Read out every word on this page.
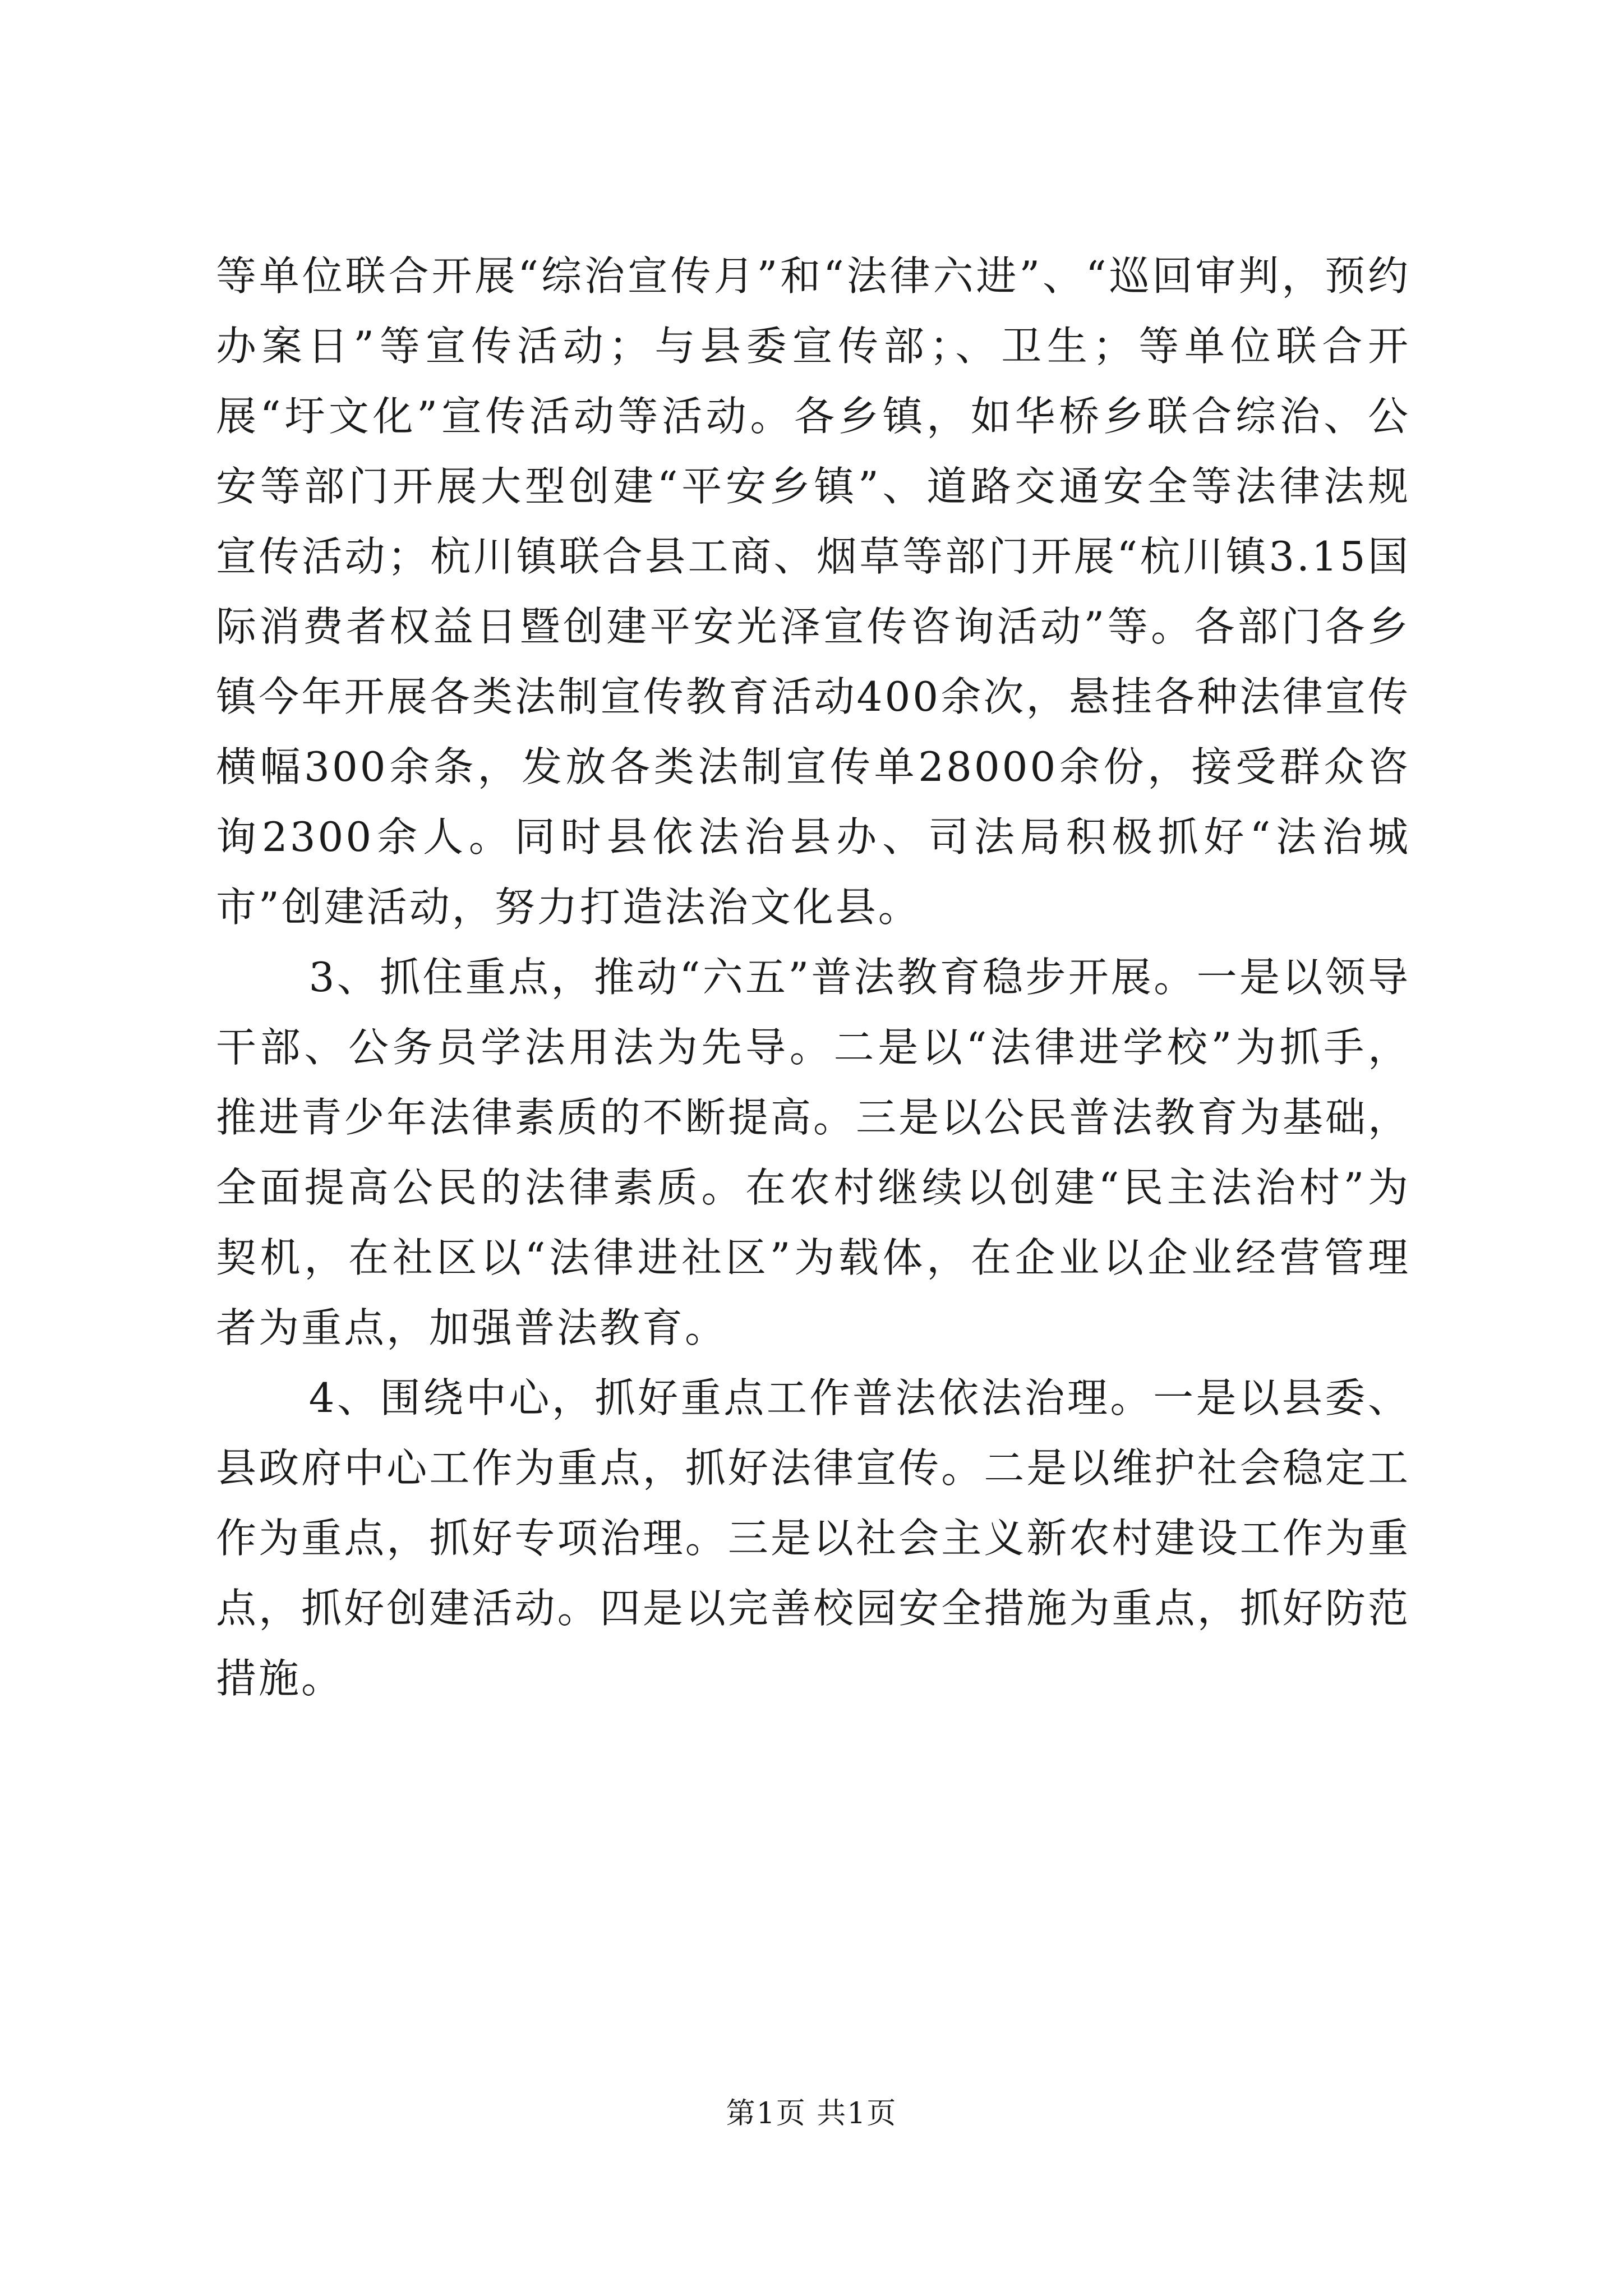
等单位联合开展“综治宣传月”和“法律六进”、“巡回审判，预约办案日”等宣传活动；与县委宣传部；、卫生；等单位联合开展“圩文化”宣传活动等活动。各乡镇，如华桥乡联合综治、公安等部门开展大型创建“平安乡镇”、道路交通安全等法律法规宣传活动；杭川镇联合县工商、烟草等部门开展“杭川镇3.15国际消费者权益日暨创建平安光泽宣传咨询活动”等。各部门各乡镇今年开展各类法制宣传教育活动400余次，悬挂各种法律宣传横幅300余条，发放各类法制宣传单28000余份，接受群众咨询2300余人。同时县依法治县办、司法局积极抓好“法治城市”创建活动，努力打造法治文化县。

3、抓住重点，推动“六五”普法教育稳步开展。一是以领导干部、公务员学法用法为先导。二是以“法律进学校”为抓手，推进青少年法律素质的不断提高。三是以公民普法教育为基础，全面提高公民的法律素质。在农村继续以创建“民主法治村”为契机，在社区以“法律进社区”为载体，在企业以企业经营管理者为重点，加强普法教育。

4、围绕中心，抓好重点工作普法依法治理。一是以县委、县政府中心工作为重点，抓好法律宣传。二是以维护社会稳定工作为重点，抓好专项治理。三是以社会主义新农村建设工作为重点，抓好创建活动。四是以完善校园安全措施为重点，抓好防范措施。

第1页 共1页
